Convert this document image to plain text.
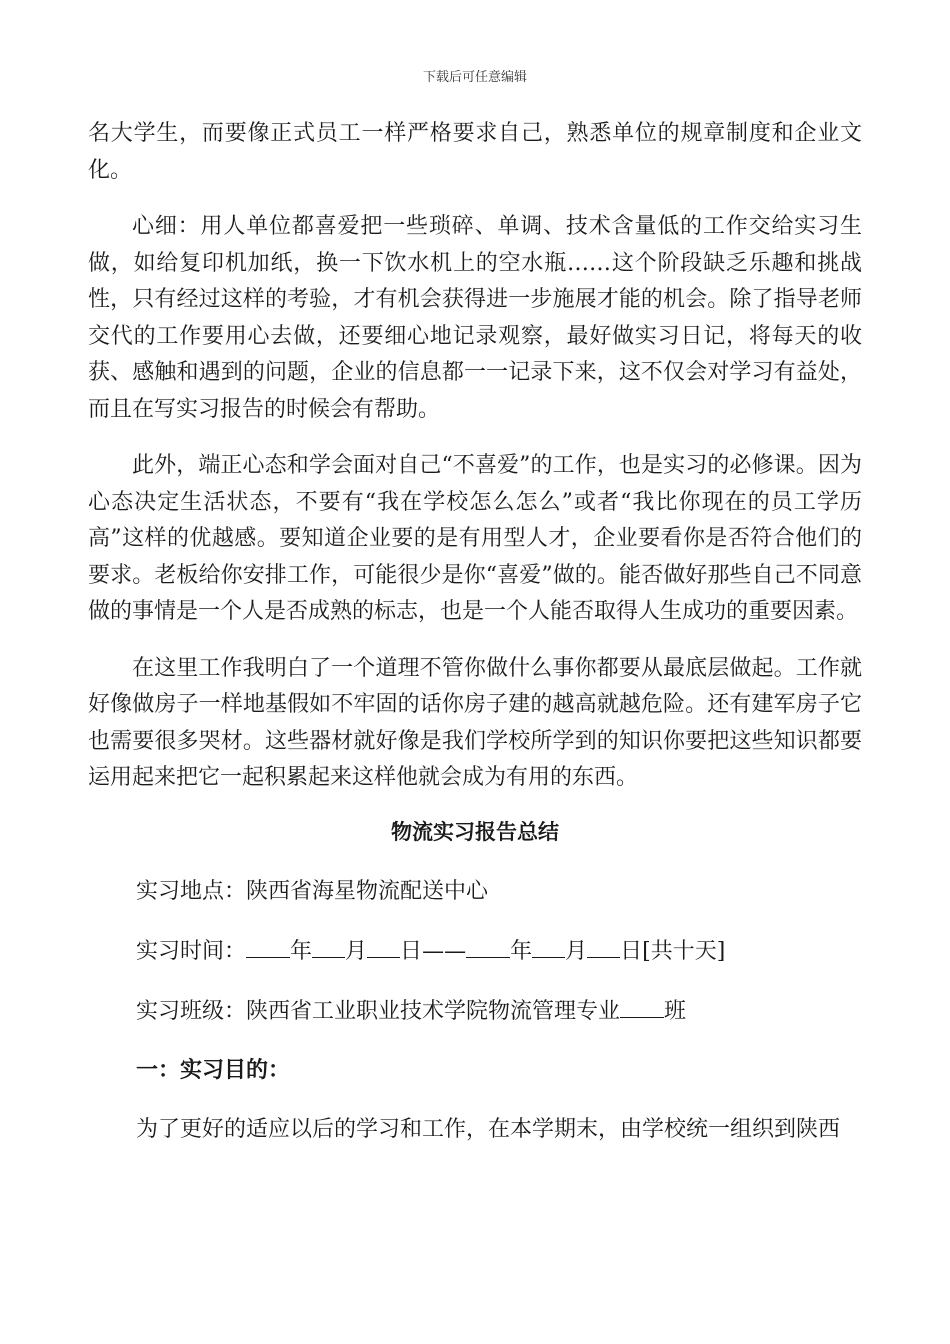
下载后可任意编辑

名大学生，而要像正式员工一样严格要求自己，熟悉单位的规章制度和企业文化。

心细：用人单位都喜爱把一些琐碎、单调、技术含量低的工作交给实习生做，如给复印机加纸，换一下饮水机上的空水瓶……这个阶段缺乏乐趣和挑战性，只有经过这样的考验，才有机会获得进一步施展才能的机会。除了指导老师交代的工作要用心去做，还要细心地记录观察，最好做实习日记，将每天的收获、感触和遇到的问题，企业的信息都一一记录下来，这不仅会对学习有益处，而且在写实习报告的时候会有帮助。

此外，端正心态和学会面对自己“不喜爱”的工作，也是实习的必修课。因为心态决定生活状态，不要有“我在学校怎么怎么”或者“我比你现在的员工学历高”这样的优越感。要知道企业要的是有用型人才，企业要看你是否符合他们的要求。老板给你安排工作，可能很少是你“喜爱”做的。能否做好那些自己不同意做的事情是一个人是否成熟的标志，也是一个人能否取得人生成功的重要因素。

在这里工作我明白了一个道理不管你做什么事你都要从最底层做起。工作就好像做房子一样地基假如不牢固的话你房子建的越高就越危险。还有建军房子它也需要很多哭材。这些器材就好像是我们学校所学到的知识你要把这些知识都要运用起来把它一起积累起来这样他就会成为有用的东西。

物流实习报告总结
实习地点：陕西省海星物流配送中心
实习时间： 年 月 日—— 年 月 日[共十天]
实习班级：陕西省工业职业技术学院物流管理专业 班
一：实习目的：
为了更好的适应以后的学习和工作，在本学期末，由学校统一组织到陕西
